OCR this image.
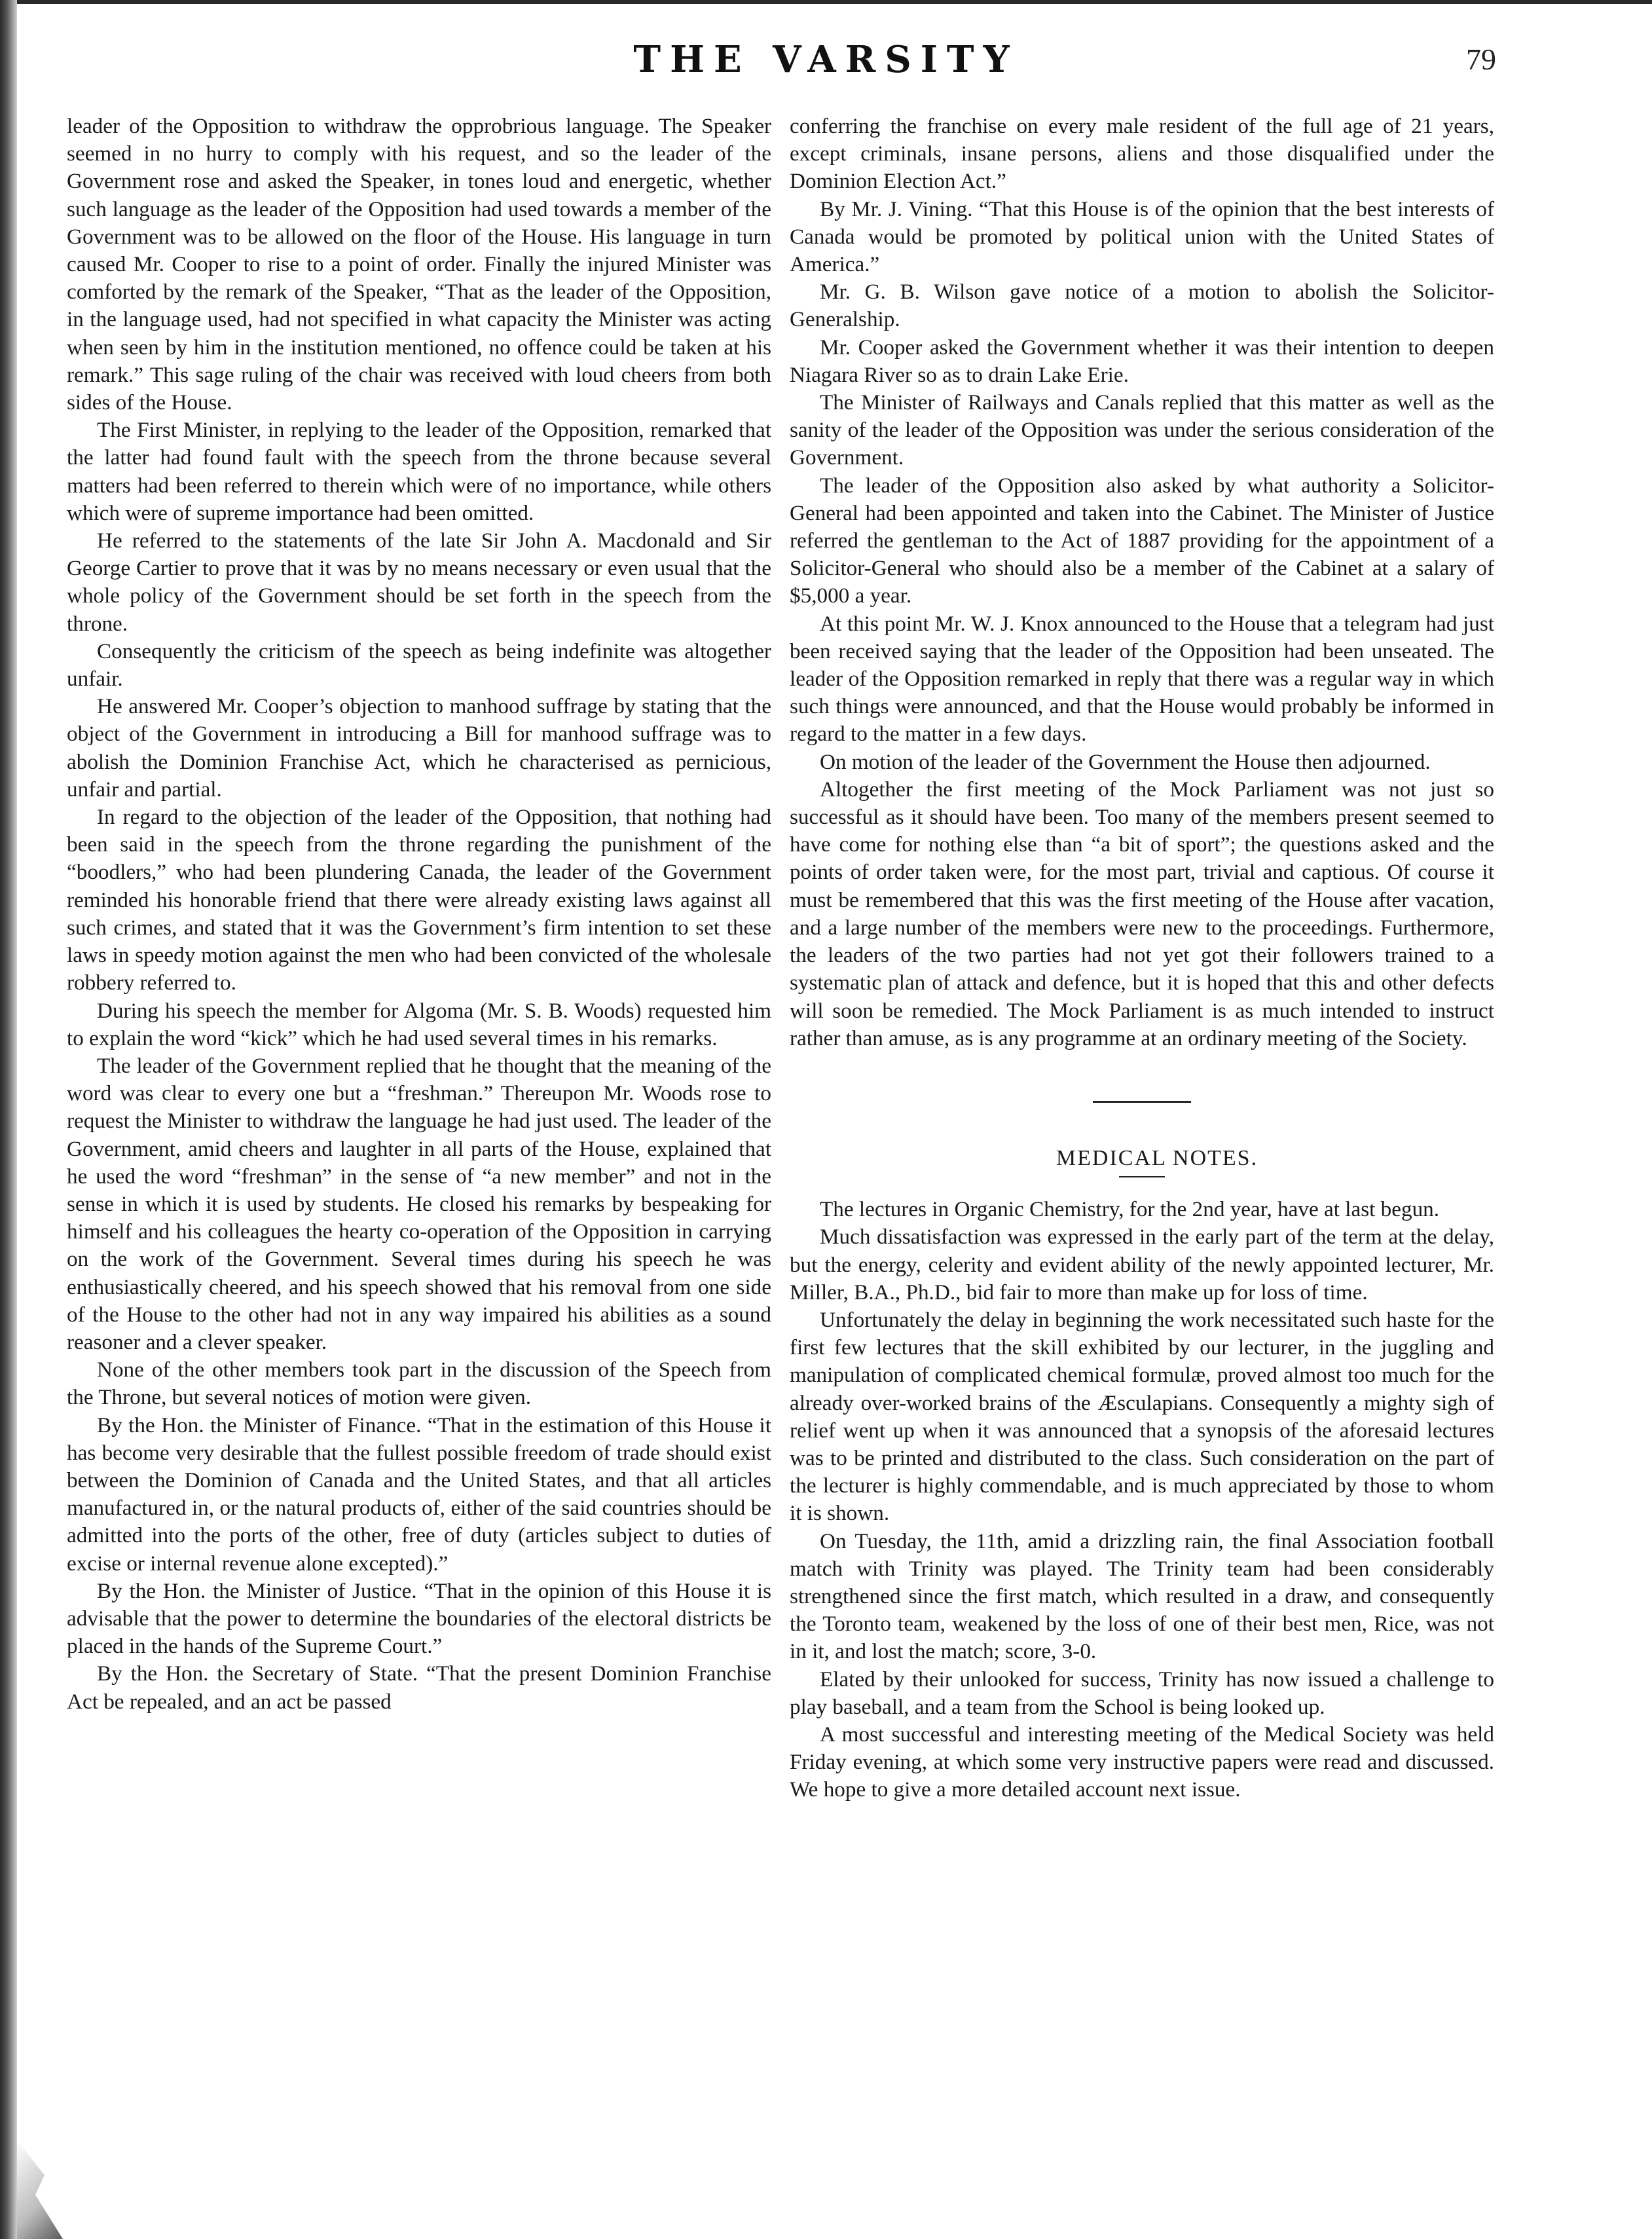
THE VARSITY	79

leader of the Opposition to withdraw the opprobrious language. The Speaker seemed in no hurry to comply with his request, and so the leader of the Government rose and asked the Speaker, in tones loud and energetic, whether such language as the leader of the Opposition had used towards a member of the Government was to be allowed on the floor of the House. His language in turn caused Mr. Cooper to rise to a point of order. Finally the injured Minister was comforted by the remark of the Speaker, “That as the leader of the Opposition, in the language used, had not specified in what capacity the Minister was acting when seen by him in the institution mentioned, no offence could be taken at his remark.” This sage ruling of the chair was received with loud cheers from both sides of the House.

The First Minister, in replying to the leader of the Opposition, remarked that the latter had found fault with the speech from the throne because several matters had been referred to therein which were of no importance, while others which were of supreme importance had been omitted.

He referred to the statements of the late Sir John A. Macdonald and Sir George Cartier to prove that it was by no means necessary or even usual that the whole policy of the Government should be set forth in the speech from the throne.

Consequently the criticism of the speech as being indefinite was altogether unfair.

He answered Mr. Cooper’s objection to manhood suffrage by stating that the object of the Government in introducing a Bill for manhood suffrage was to abolish the Dominion Franchise Act, which he characterised as pernicious, unfair and partial.

In regard to the objection of the leader of the Opposition, that nothing had been said in the speech from the throne regarding the punishment of the “boodlers,” who had been plundering Canada, the leader of the Government reminded his honorable friend that there were already existing laws against all such crimes, and stated that it was the Government’s firm intention to set these laws in speedy motion against the men who had been convicted of the wholesale robbery referred to.

During his speech the member for Algoma (Mr. S. B. Woods) requested him to explain the word “kick” which he had used several times in his remarks.

The leader of the Government replied that he thought that the meaning of the word was clear to every one but a “freshman.” Thereupon Mr. Woods rose to request the Minister to withdraw the language he had just used. The leader of the Government, amid cheers and laughter in all parts of the House, explained that he used the word “freshman” in the sense of “a new member” and not in the sense in which it is used by students. He closed his remarks by bespeaking for himself and his colleagues the hearty co-operation of the Opposition in carrying on the work of the Government. Several times during his speech he was enthusiastically cheered, and his speech showed that his removal from one side of the House to the other had not in any way impaired his abilities as a sound reasoner and a clever speaker.

None of the other members took part in the discussion of the Speech from the Throne, but several notices of motion were given.

By the Hon. the Minister of Finance. “That in the estimation of this House it has become very desirable that the fullest possible freedom of trade should exist between the Dominion of Canada and the United States, and that all articles manufactured in, or the natural products of, either of the said countries should be admitted into the ports of the other, free of duty (articles subject to duties of excise or internal revenue alone excepted).”

By the Hon. the Minister of Justice. “That in the opinion of this House it is advisable that the power to determine the boundaries of the electoral districts be placed in the hands of the Supreme Court.”

By the Hon. the Secretary of State. “That the present Dominion Franchise Act be repealed, and an act be passed

conferring the franchise on every male resident of the full age of 21 years, except criminals, insane persons, aliens and those disqualified under the Dominion Election Act.”

By Mr. J. Vining. “That this House is of the opinion that the best interests of Canada would be promoted by political union with the United States of America.”

Mr. G. B. Wilson gave notice of a motion to abolish the Solicitor-Generalship.

Mr. Cooper asked the Government whether it was their intention to deepen Niagara River so as to drain Lake Erie.

The Minister of Railways and Canals replied that this matter as well as the sanity of the leader of the Opposition was under the serious consideration of the Government.

The leader of the Opposition also asked by what authority a Solicitor-General had been appointed and taken into the Cabinet. The Minister of Justice referred the gentleman to the Act of 1887 providing for the appointment of a Solicitor-General who should also be a member of the Cabinet at a salary of $5,000 a year.

At this point Mr. W. J. Knox announced to the House that a telegram had just been received saying that the leader of the Opposition had been unseated. The leader of the Opposition remarked in reply that there was a regular way in which such things were announced, and that the House would probably be informed in regard to the matter in a few days.

On motion of the leader of the Government the House then adjourned.

Altogether the first meeting of the Mock Parliament was not just so successful as it should have been. Too many of the members present seemed to have come for nothing else than “a bit of sport”; the questions asked and the points of order taken were, for the most part, trivial and captious. Of course it must be remembered that this was the first meeting of the House after vacation, and a large number of the members were new to the proceedings. Furthermore, the leaders of the two parties had not yet got their followers trained to a systematic plan of attack and defence, but it is hoped that this and other defects will soon be remedied. The Mock Parliament is as much intended to instruct rather than amuse, as is any programme at an ordinary meeting of the Society.

MEDICAL NOTES.

The lectures in Organic Chemistry, for the 2nd year, have at last begun.

Much dissatisfaction was expressed in the early part of the term at the delay, but the energy, celerity and evident ability of the newly appointed lecturer, Mr. Miller, B.A., Ph.D., bid fair to more than make up for loss of time.

Unfortunately the delay in beginning the work necessitated such haste for the first few lectures that the skill exhibited by our lecturer, in the juggling and manipulation of complicated chemical formulæ, proved almost too much for the already over-worked brains of the Æsculapians. Consequently a mighty sigh of relief went up when it was announced that a synopsis of the aforesaid lectures was to be printed and distributed to the class. Such consideration on the part of the lecturer is highly commendable, and is much appreciated by those to whom it is shown.

On Tuesday, the 11th, amid a drizzling rain, the final Association football match with Trinity was played. The Trinity team had been considerably strengthened since the first match, which resulted in a draw, and consequently the Toronto team, weakened by the loss of one of their best men, Rice, was not in it, and lost the match; score, 3-0.

Elated by their unlooked for success, Trinity has now issued a challenge to play baseball, and a team from the School is being looked up.

A most successful and interesting meeting of the Medical Society was held Friday evening, at which some very instructive papers were read and discussed. We hope to give a more detailed account next issue.
